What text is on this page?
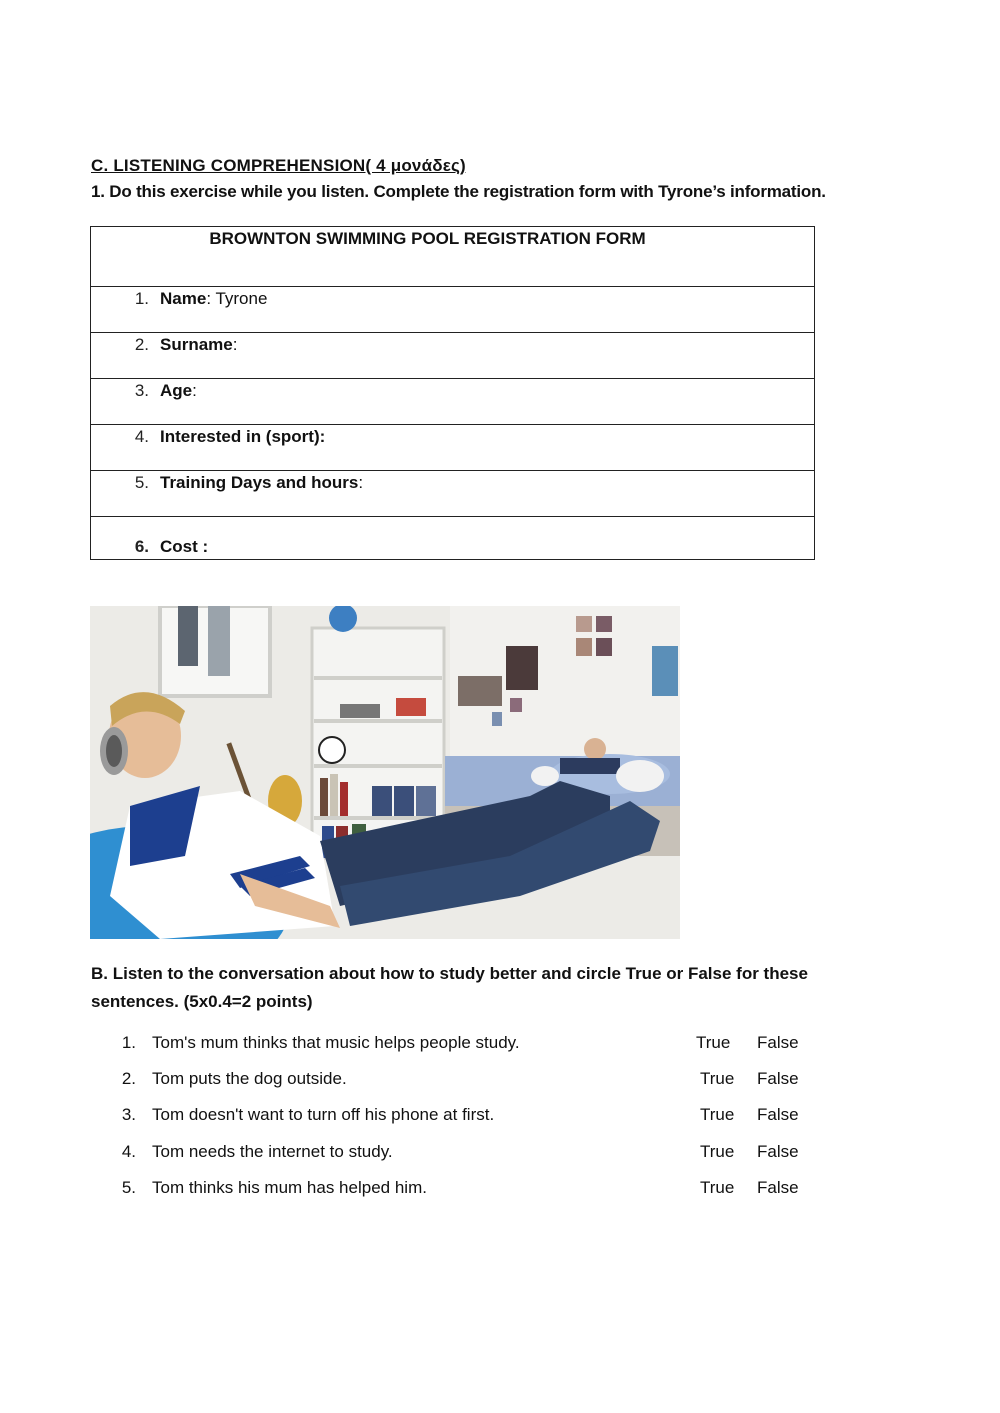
C. LISTENING COMPREHENSION( 4 μονάδες)
1. Do this exercise while you listen. Complete the registration form with Tyrone’s information.
BROWNTON SWIMMING POOL REGISTRATION FORM
1. Name: Tyrone
2. Surname:
3. Age:
4. Interested in (sport):
5. Training Days and hours:
6. Cost :
B. Listen to the conversation about how to study better and circle True or False for these sentences. (5x0.4=2 points)
1. Tom's mum thinks that music helps people study.	True False
2. Tom puts the dog outside.	True False
3. Tom doesn't want to turn off his phone at first.	True False
4. Tom needs the internet to study.	True False
5. Tom thinks his mum has helped him.	True False
